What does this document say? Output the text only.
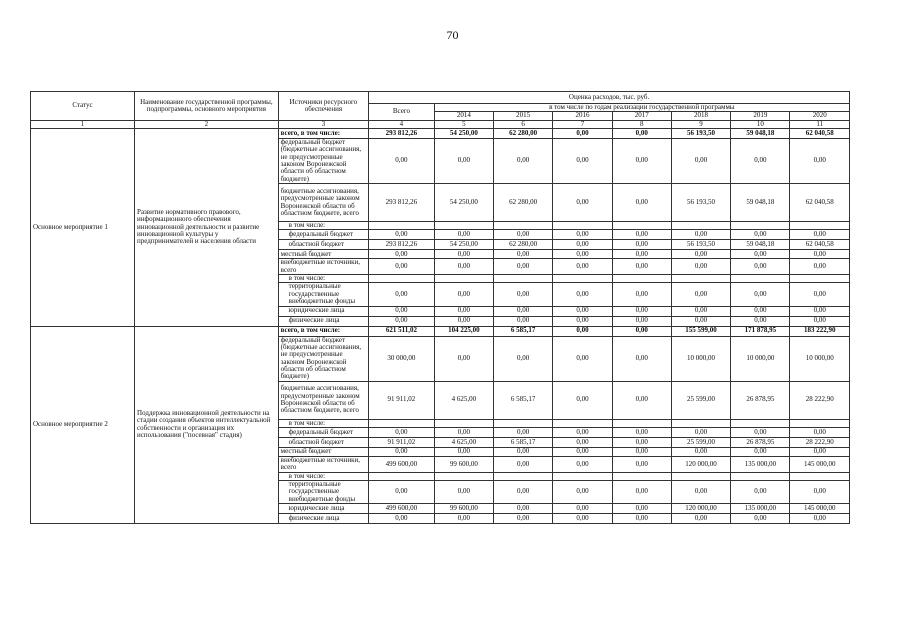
70
Статус	Наименование государственной программы, подпрограммы, основного мероприятия	Источники ресурсного обеспечения	Оценка расходов, тыс. руб.							
			Всего	в том числе по годам реализации государственной программы						
				2014	2015	2016	2017	2018	2019	2020
1	2	3	4	5	6	7	8	9	10	11
Основное мероприятие 1	Развитие нормативного правового, информационного обеспечения инновационной деятельности и развитие инновационной культуры у предпринимателей и населения области	всего, в том числе:	293 812,26	54 250,00	62 280,00	0,00	0,00	56 193,50	59 048,18	62 040,58
		федеральный бюджет (бюджетные ассигнования, не предусмотренные законом Воронежской области об областном бюджете)	0,00	0,00	0,00	0,00	0,00	0,00	0,00	0,00
		бюджетные ассигнования, предусмотренные законом Воронежской области об областном бюджете, всего	293 812,26	54 250,00	62 280,00	0,00	0,00	56 193,50	59 048,18	62 040,58
		в том числе:								
		федеральный бюджет	0,00	0,00	0,00	0,00	0,00	0,00	0,00	0,00
		областной бюджет	293 812,26	54 250,00	62 280,00	0,00	0,00	56 193,50	59 048,18	62 040,58
		местный бюджет	0,00	0,00	0,00	0,00	0,00	0,00	0,00	0,00
		внебюджетные источники, всего	0,00	0,00	0,00	0,00	0,00	0,00	0,00	0,00
		в том числе:								
		территориальные государственные внебюджетные фонды	0,00	0,00	0,00	0,00	0,00	0,00	0,00	0,00
		юридические лица	0,00	0,00	0,00	0,00	0,00	0,00	0,00	0,00
		физические лица	0,00	0,00	0,00	0,00	0,00	0,00	0,00	0,00
Основное мероприятие 2	Поддержка инновационной деятельности на стадии создания объектов интеллектуальной собственности и организация их использования ("посевная" стадия)	всего, в том числе:	621 511,02	104 225,00	6 585,17	0,00	0,00	155 599,00	171 878,95	183 222,90
		федеральный бюджет (бюджетные ассигнования, не предусмотренные законом Воронежской области об областном бюджете)	30 000,00	0,00	0,00	0,00	0,00	10 000,00	10 000,00	10 000,00
		бюджетные ассигнования, предусмотренные законом Воронежской области об областном бюджете, всего	91 911,02	4 625,00	6 585,17	0,00	0,00	25 599,00	26 878,95	28 222,90
		в том числе:								
		федеральный бюджет	0,00	0,00	0,00	0,00	0,00	0,00	0,00	0,00
		областной бюджет	91 911,02	4 625,00	6 585,17	0,00	0,00	25 599,00	26 878,95	28 222,90
		местный бюджет	0,00	0,00	0,00	0,00	0,00	0,00	0,00	0,00
		внебюджетные источники, всего	499 600,00	99 600,00	0,00	0,00	0,00	120 000,00	135 000,00	145 000,00
		в том числе:								
		территориальные государственные внебюджетные фонды	0,00	0,00	0,00	0,00	0,00	0,00	0,00	0,00
		юридические лица	499 600,00	99 600,00	0,00	0,00	0,00	120 000,00	135 000,00	145 000,00
		физические лица	0,00	0,00	0,00	0,00	0,00	0,00	0,00	0,00
